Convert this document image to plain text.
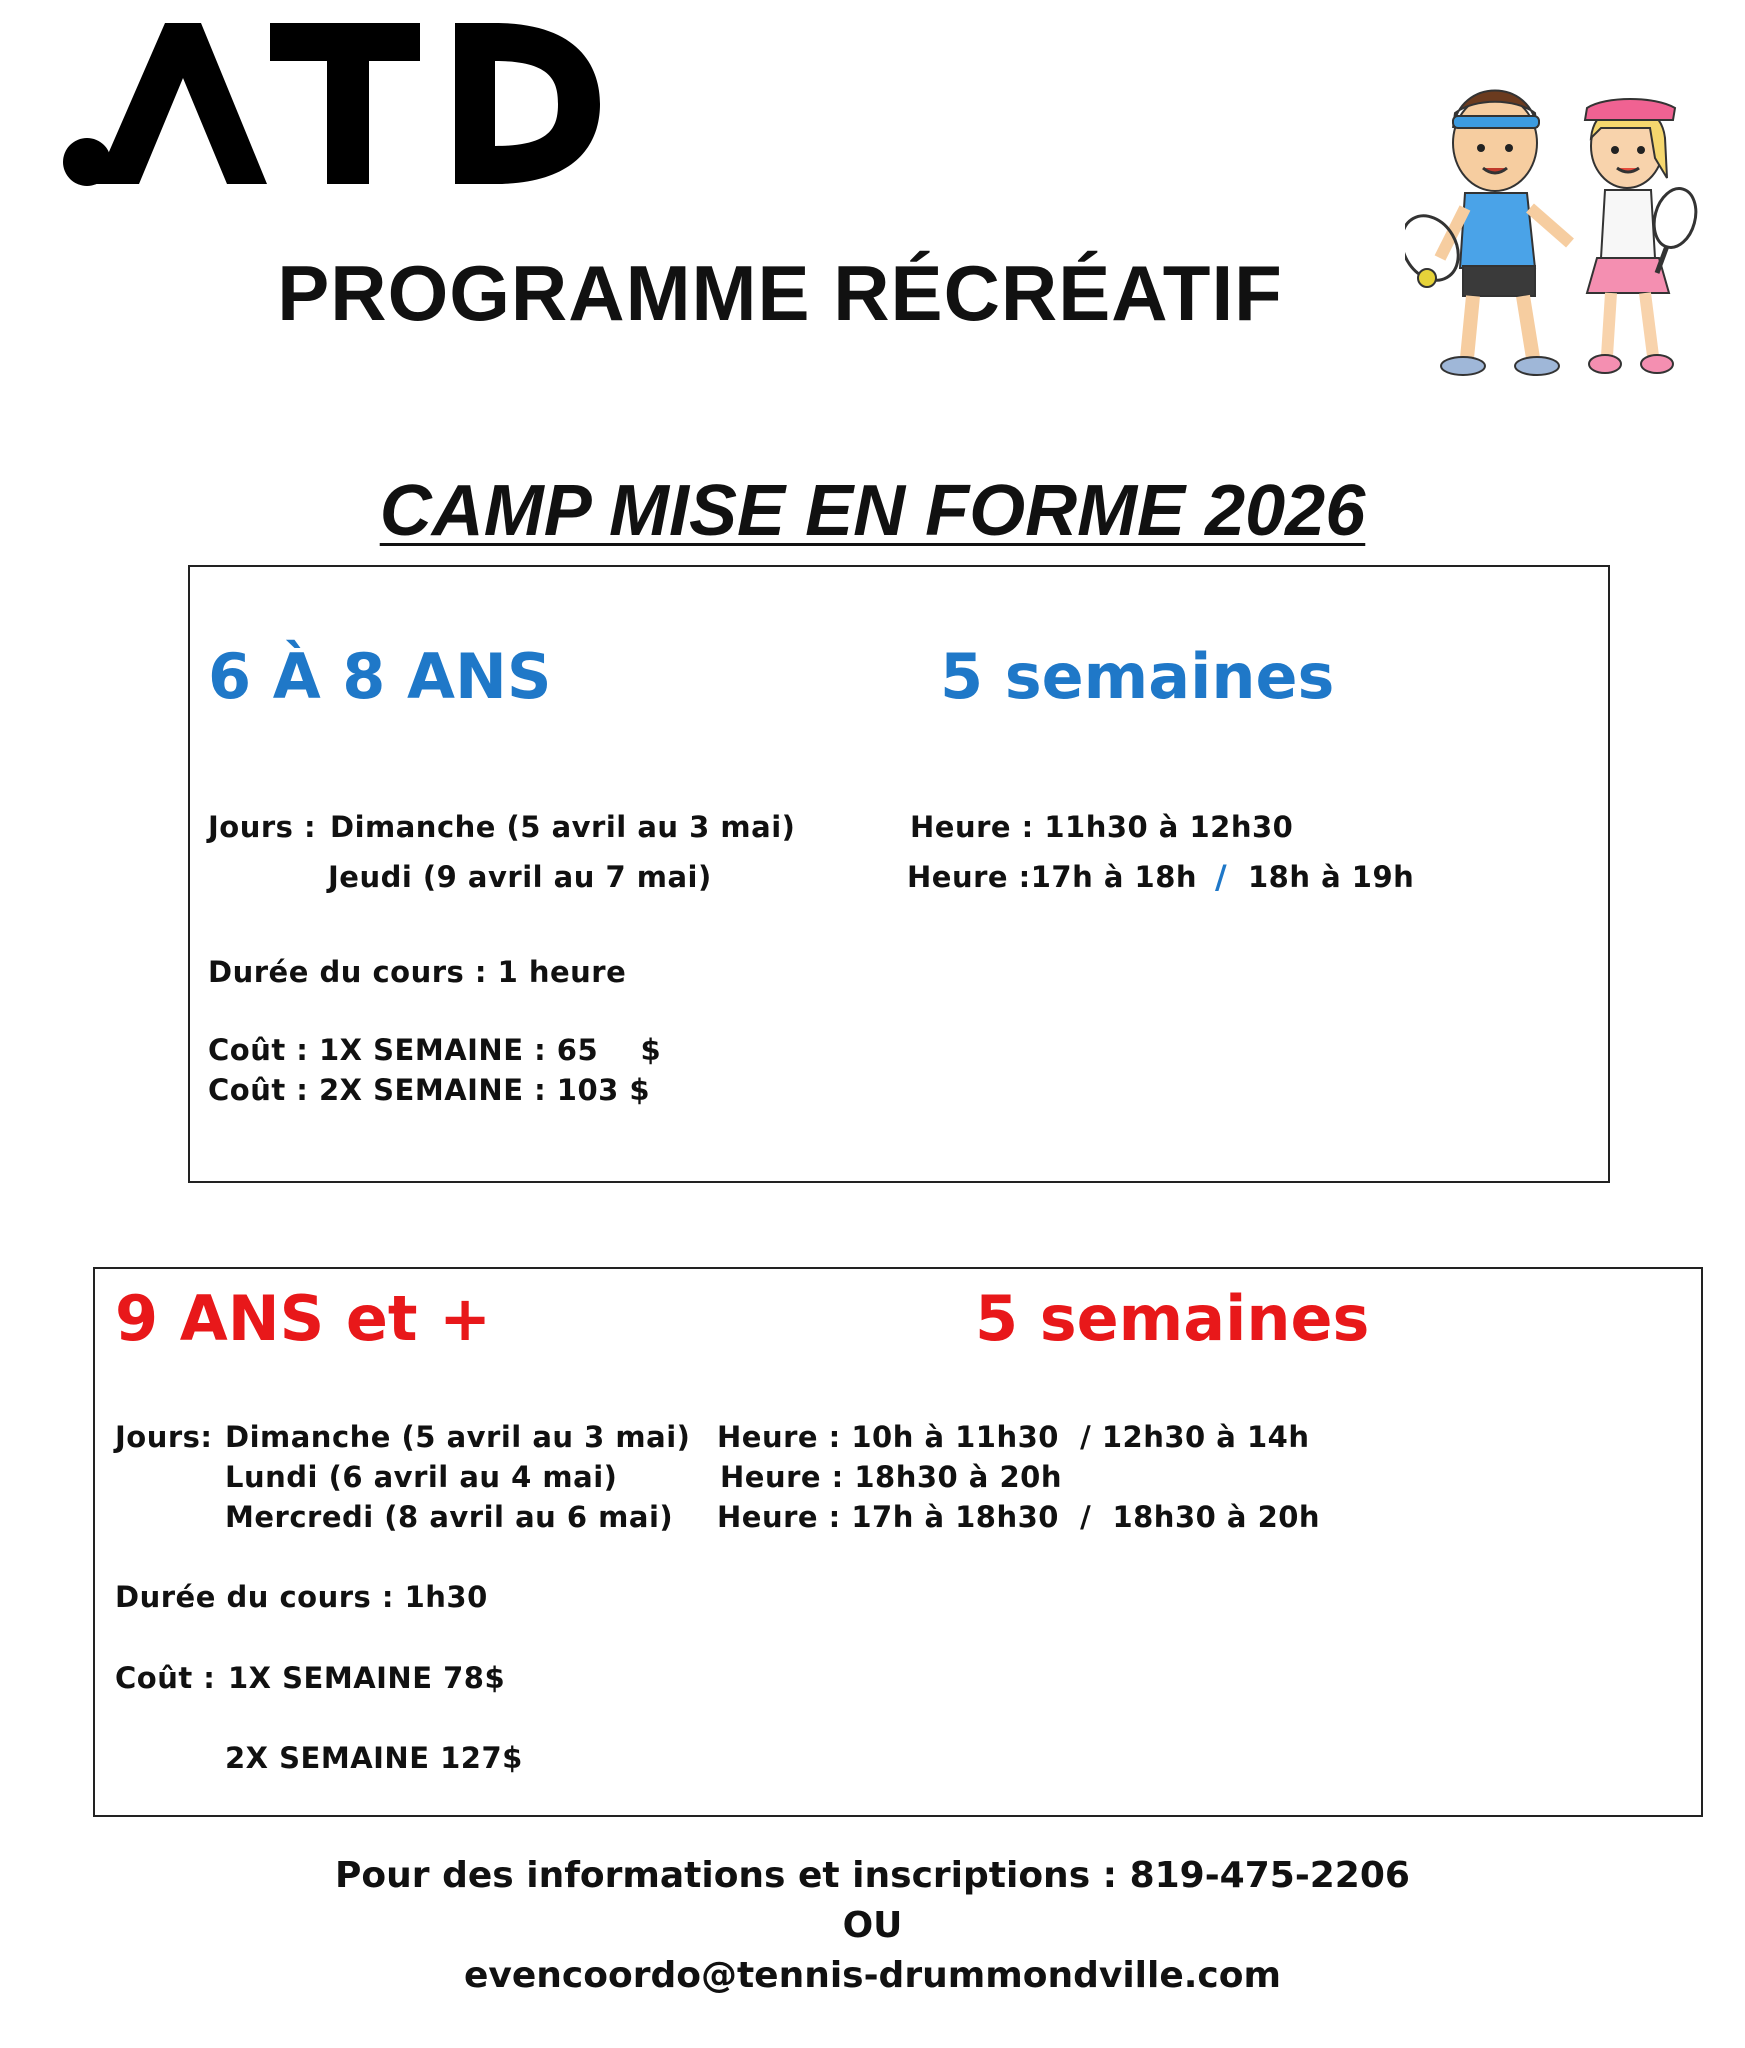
PROGRAMME RÉCRÉATIF
CAMP MISE EN FORME 2026
6 À 8 ANS	5 semaines
Jours : Dimanche (5 avril au 3 mai)
Jeudi (9 avril au 7 mai)
Heure : 11h30 à 12h30
Heure :17h à 18h / 18h à 19h
Durée du cours : 1 heure
Coût : 1X SEMAINE : 65    $
Coût : 2X SEMAINE : 103 $
9 ANS et +	5 semaines
Jours: Dimanche (5 avril au 3 mai)
Lundi (6 avril au 4 mai)
Mercredi (8 avril au 6 mai)
Heure : 10h à 11h30  / 12h30 à 14h
Heure : 18h30 à 20h
Heure : 17h à 18h30  /  18h30 à 20h
Durée du cours : 1h30
Coût : 1X SEMAINE 78$
2X SEMAINE 127$
Pour des informations et inscriptions : 819-475-2206
OU
evencoordo@tennis-drummondville.com
